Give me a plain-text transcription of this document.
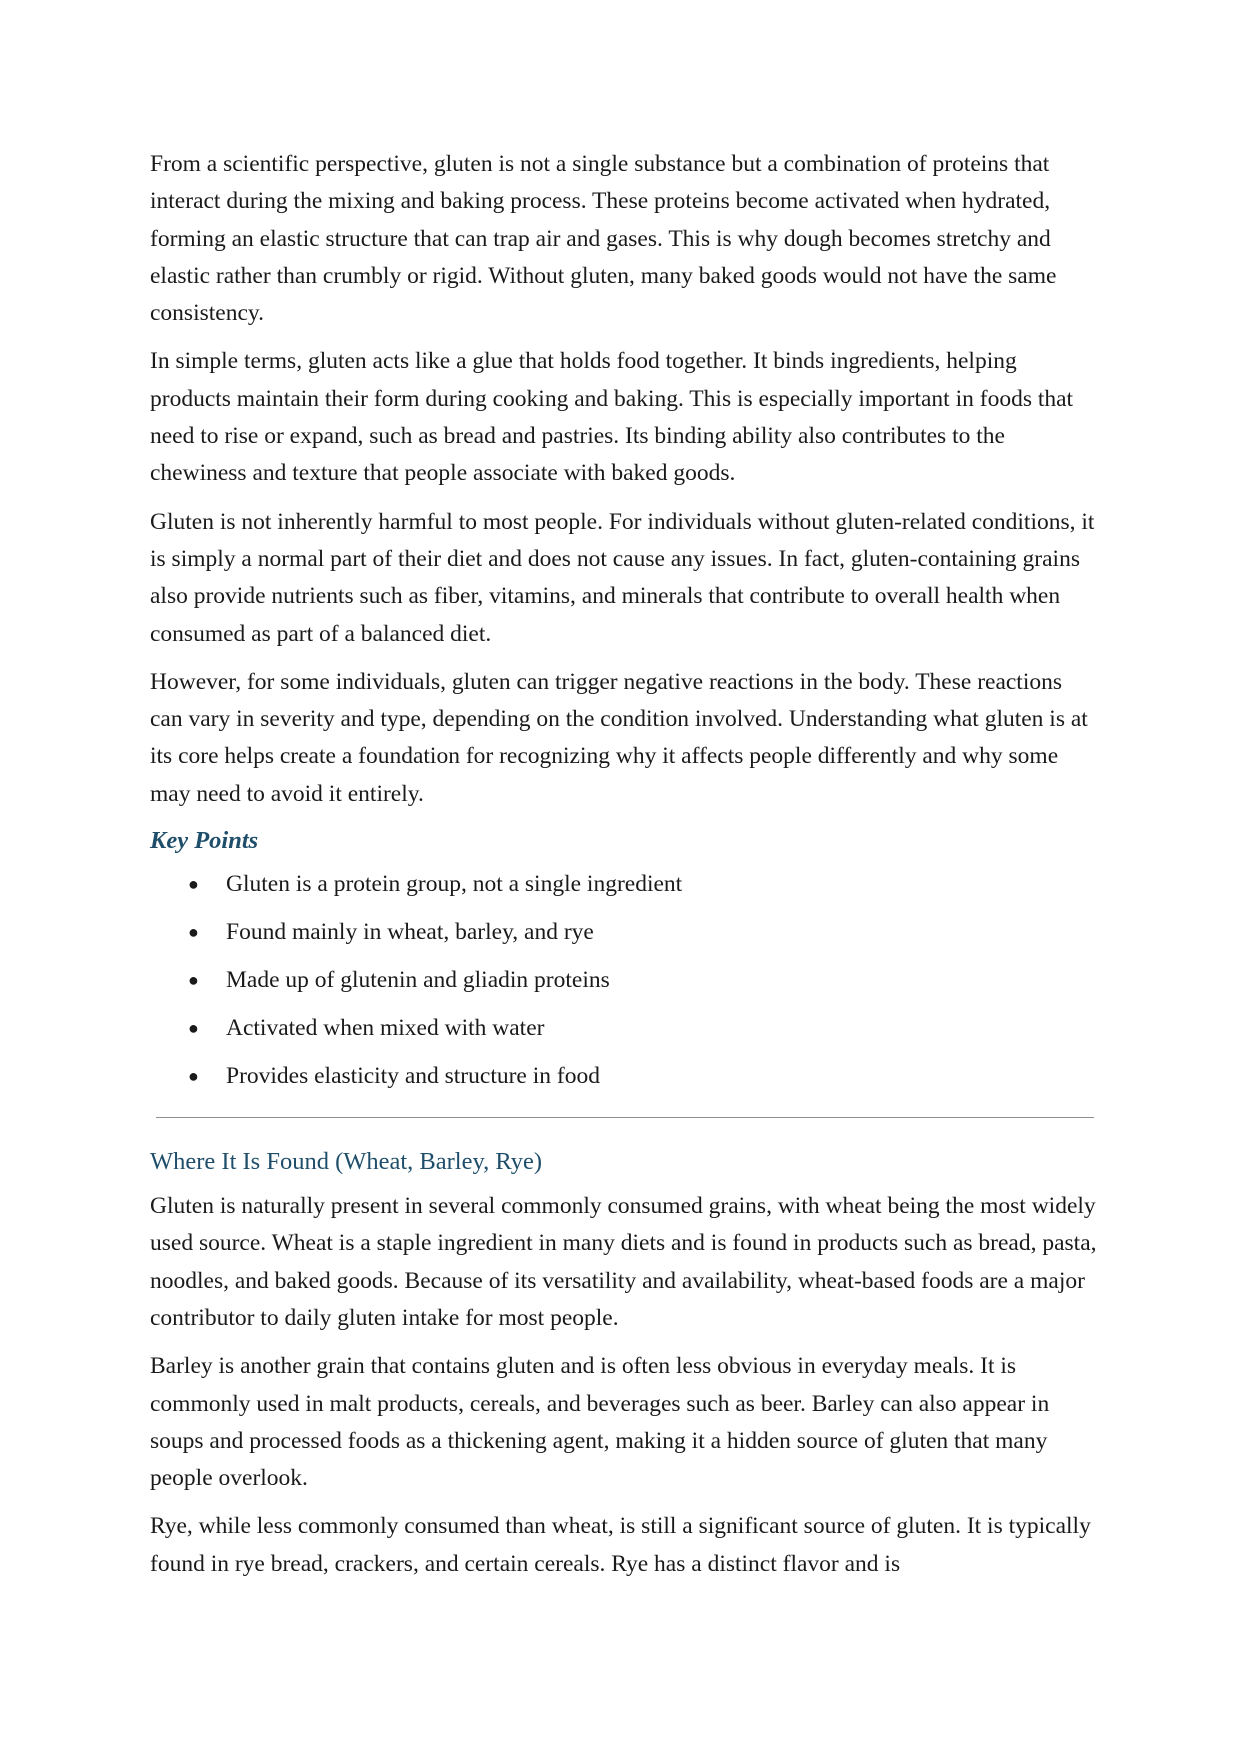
From a scientific perspective, gluten is not a single substance but a combination of proteins that interact during the mixing and baking process. These proteins become activated when hydrated, forming an elastic structure that can trap air and gases. This is why dough becomes stretchy and elastic rather than crumbly or rigid. Without gluten, many baked goods would not have the same consistency.

In simple terms, gluten acts like a glue that holds food together. It binds ingredients, helping products maintain their form during cooking and baking. This is especially important in foods that need to rise or expand, such as bread and pastries. Its binding ability also contributes to the chewiness and texture that people associate with baked goods.

Gluten is not inherently harmful to most people. For individuals without gluten-related conditions, it is simply a normal part of their diet and does not cause any issues. In fact, gluten-containing grains also provide nutrients such as fiber, vitamins, and minerals that contribute to overall health when consumed as part of a balanced diet.

However, for some individuals, gluten can trigger negative reactions in the body. These reactions can vary in severity and type, depending on the condition involved. Understanding what gluten is at its core helps create a foundation for recognizing why it affects people differently and why some may need to avoid it entirely.

Key Points
● Gluten is a protein group, not a single ingredient
● Found mainly in wheat, barley, and rye
● Made up of glutenin and gliadin proteins
● Activated when mixed with water
● Provides elasticity and structure in food
Where It Is Found (Wheat, Barley, Rye)

Gluten is naturally present in several commonly consumed grains, with wheat being the most widely used source. Wheat is a staple ingredient in many diets and is found in products such as bread, pasta, noodles, and baked goods. Because of its versatility and availability, wheat-based foods are a major contributor to daily gluten intake for most people.

Barley is another grain that contains gluten and is often less obvious in everyday meals. It is commonly used in malt products, cereals, and beverages such as beer. Barley can also appear in soups and processed foods as a thickening agent, making it a hidden source of gluten that many people overlook.

Rye, while less commonly consumed than wheat, is still a significant source of gluten. It is typically found in rye bread, crackers, and certain cereals. Rye has a distinct flavor and is
